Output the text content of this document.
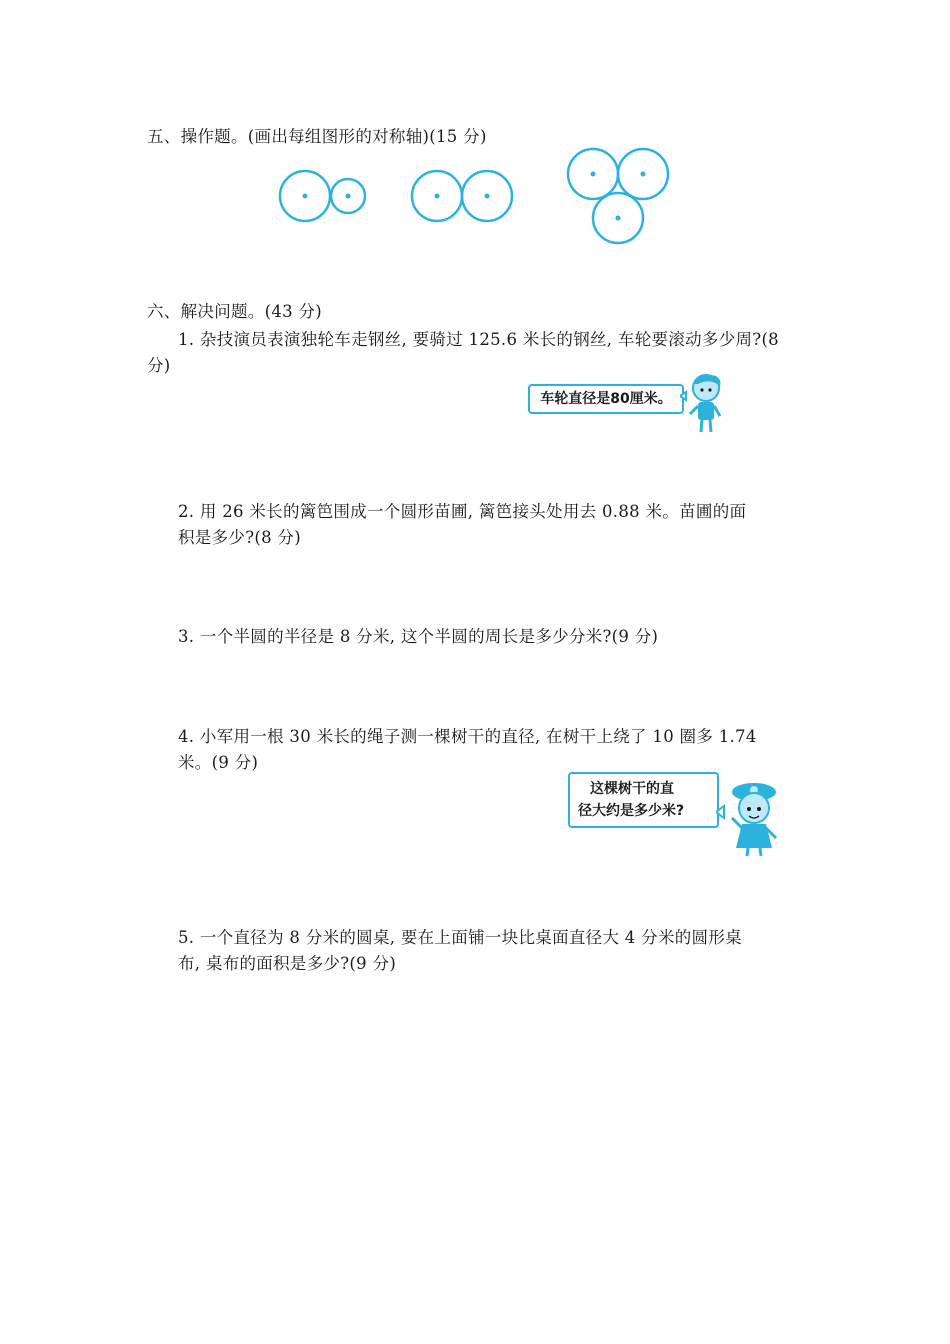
五、操作题。(画出每组图形的对称轴)(15 分)
六、解决问题。(43 分)
1. 杂技演员表演独轮车走钢丝, 要骑过 125.6 米长的钢丝, 车轮要滚动多少周?(8
分)
车轮直径是80厘米。
2. 用 26 米长的篱笆围成一个圆形苗圃, 篱笆接头处用去 0.88 米。苗圃的面
积是多少?(8 分)
3. 一个半圆的半径是 8 分米, 这个半圆的周长是多少分米?(9 分)
4. 小军用一根 30 米长的绳子测一棵树干的直径, 在树干上绕了 10 圈多 1.74
米。(9 分)
这棵树干的直
径大约是多少米?
5. 一个直径为 8 分米的圆桌, 要在上面铺一块比桌面直径大 4 分米的圆形桌
布, 桌布的面积是多少?(9 分)
